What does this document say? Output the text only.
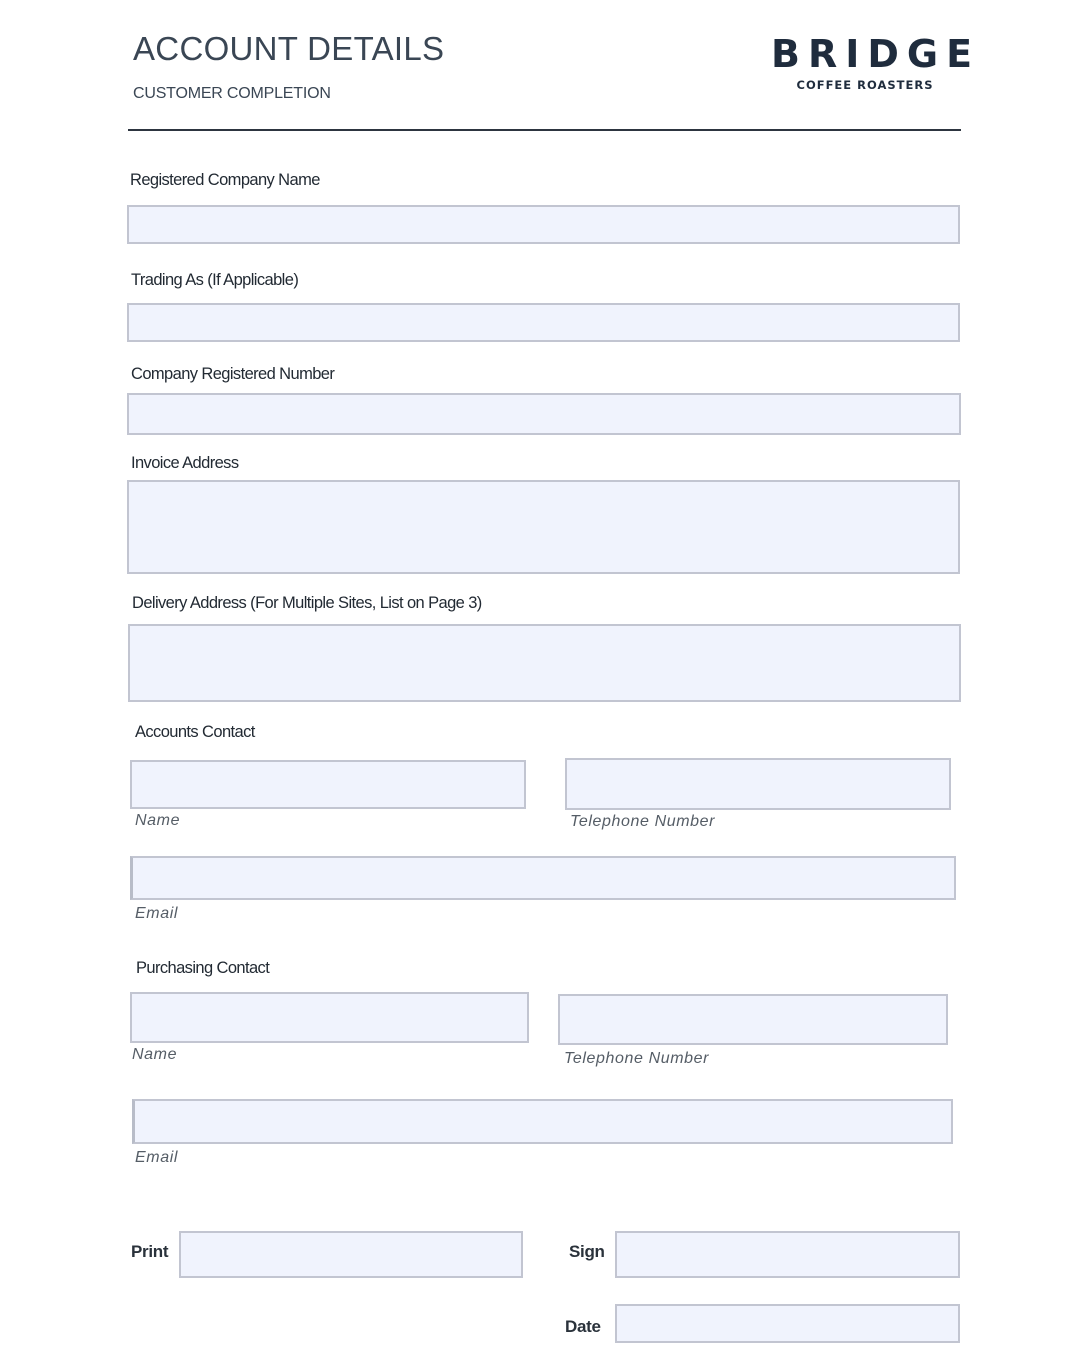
ACCOUNT DETAILS
CUSTOMER COMPLETION
BRIDGE
COFFEE ROASTERS
Registered Company Name
Trading As (If Applicable)
Company Registered Number
Invoice Address
Delivery Address (For Multiple Sites, List on Page 3)
Accounts Contact
Name	Telephone Number
Email
Purchasing Contact
Name	Telephone Number
Email
Print	Sign
Date
